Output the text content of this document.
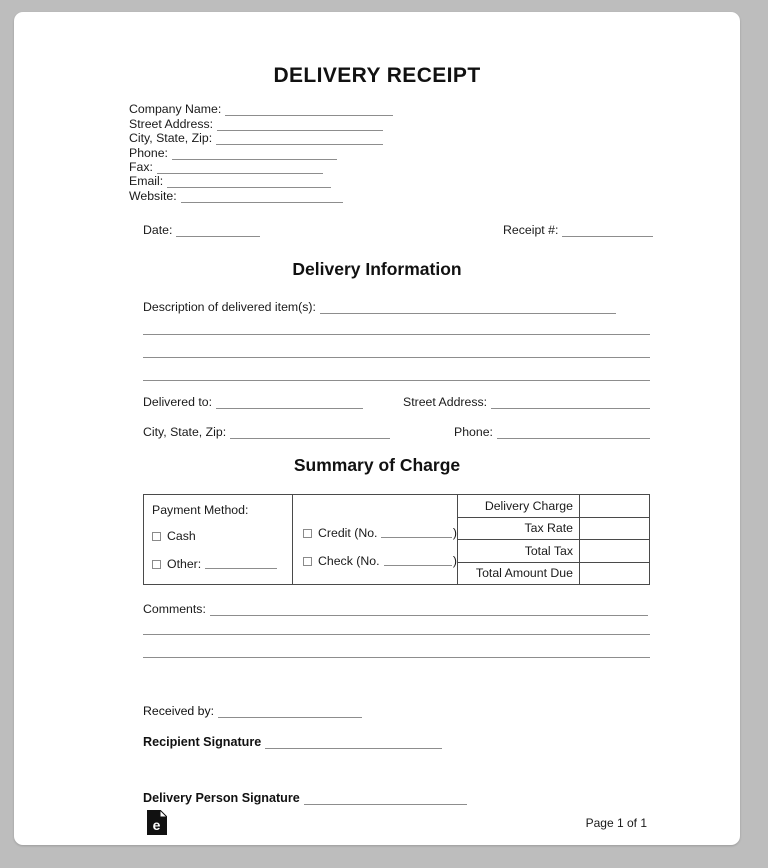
DELIVERY RECEIPT
Company Name:
Street Address:
City, State, Zip:
Phone:
Fax:
Email:
Website:
Date:	Receipt #:
Delivery Information
Description of delivered item(s):
Delivered to:	Street Address:
City, State, Zip:	Phone:
Summary of Charge
Payment Method:
Cash
Other:
Credit (No.	)
Check (No.	)
Delivery Charge
Tax Rate
Total Tax
Total Amount Due
Comments:
Received by:
Recipient Signature
Delivery Person Signature
e	Page 1 of 1
